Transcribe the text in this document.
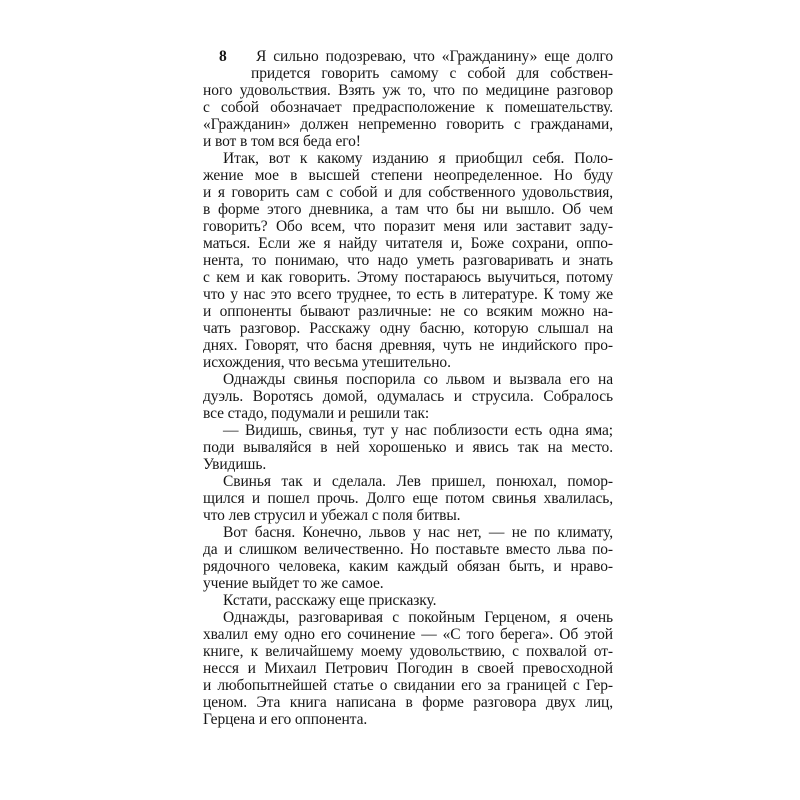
8	Я сильно подозреваю, что «Гражданину» еще долго
придется говорить самому с собой для собствен-
ного удовольствия. Взять уж то, что по медицине разговор
с собой обозначает предрасположение к помешательству.
«Гражданин» должен непременно говорить с гражданами,
и вот в том вся беда его!
Итак, вот к какому изданию я приобщил себя. Поло-
жение мое в высшей степени неопределенное. Но буду
и я говорить сам с собой и для собственного удовольствия,
в форме этого дневника, а там что бы ни вышло. Об чем
говорить? Обо всем, что поразит меня или заставит заду-
маться. Если же я найду читателя и, Боже сохрани, оппо-
нента, то понимаю, что надо уметь разговаривать и знать
с кем и как говорить. Этому постараюсь выучиться, потому
что у нас это всего труднее, то есть в литературе. К тому же
и оппоненты бывают различные: не со всяким можно на-
чать разговор. Расскажу одну басню, которую слышал на
днях. Говорят, что басня древняя, чуть не индийского про-
исхождения, что весьма утешительно.
Однажды свинья поспорила со львом и вызвала его на
дуэль. Воротясь домой, одумалась и струсила. Собралось
все стадо, подумали и решили так:
— Видишь, свинья, тут у нас поблизости есть одна яма;
поди вываляйся в ней хорошенько и явись так на место.
Увидишь.
Свинья так и сделала. Лев пришел, понюхал, помор-
щился и пошел прочь. Долго еще потом свинья хвалилась,
что лев струсил и убежал с поля битвы.
Вот басня. Конечно, львов у нас нет, — не по климату,
да и слишком величественно. Но поставьте вместо льва по-
рядочного человека, каким каждый обязан быть, и нраво-
учение выйдет то же самое.
Кстати, расскажу еще присказку.
Однажды, разговаривая с покойным Герценом, я очень
хвалил ему одно его сочинение — «С того берега». Об этой
книге, к величайшему моему удовольствию, с похвалой от-
несся и Михаил Петрович Погодин в своей превосходной
и любопытнейшей статье о свидании его за границей с Гер-
ценом. Эта книга написана в форме разговора двух лиц,
Герцена и его оппонента.
